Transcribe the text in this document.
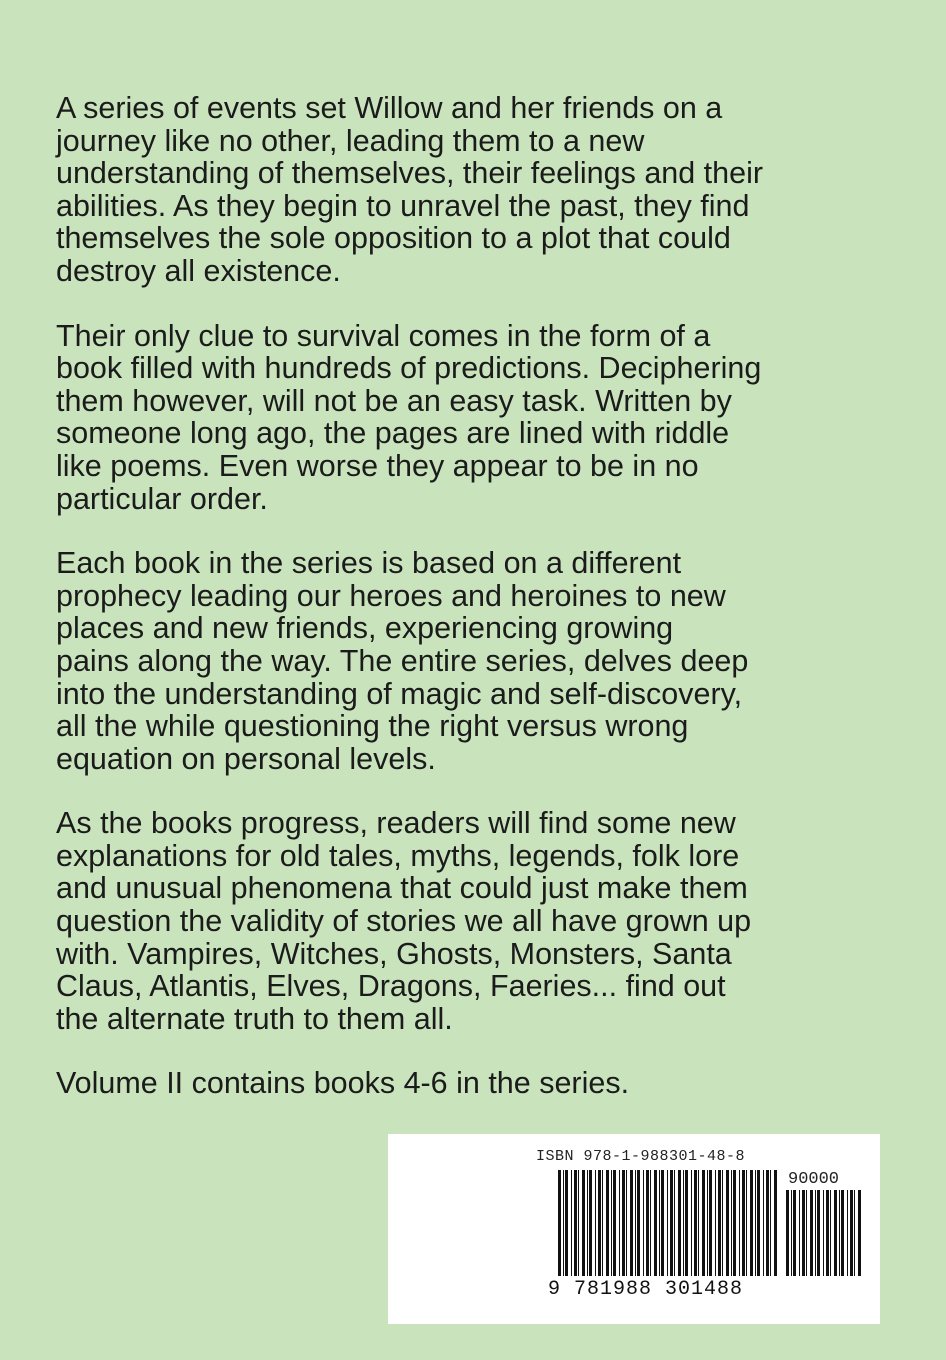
A series of events set Willow and her friends on a
journey like no other, leading them to a new
understanding of themselves, their feelings and their
abilities. As they begin to unravel the past, they find
themselves the sole opposition to a plot that could
destroy all existence.

Their only clue to survival comes in the form of a
book filled with hundreds of predictions. Deciphering
them however, will not be an easy task. Written by
someone long ago, the pages are lined with riddle
like poems. Even worse they appear to be in no
particular order.

Each book in the series is based on a different
prophecy leading our heroes and heroines to new
places and new friends, experiencing growing
pains along the way. The entire series, delves deep
into the understanding of magic and self-discovery,
all the while questioning the right versus wrong
equation on personal levels.

As the books progress, readers will find some new
explanations for old tales, myths, legends, folk lore
and unusual phenomena that could just make them
question the validity of stories we all have grown up
with. Vampires, Witches, Ghosts, Monsters, Santa
Claus, Atlantis, Elves, Dragons, Faeries... find out
the alternate truth to them all.

Volume II contains books 4-6 in the series.

ISBN 978-1-988301-48-8
90000
9 781988 301488
